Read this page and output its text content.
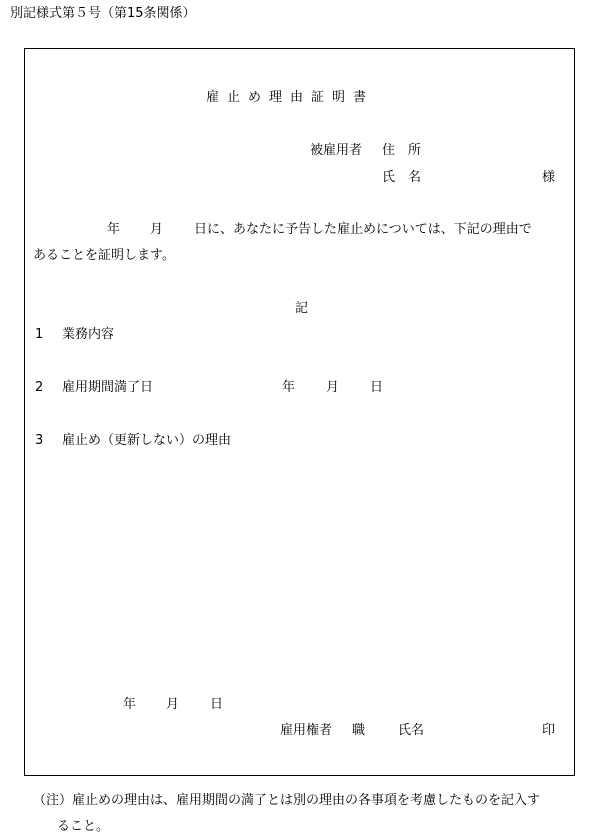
別記様式第５号（第15条関係）
雇止め理由証明書
被雇用者 住　所
氏　名	様
年 月 日に、あなたに予告した雇止めについては、下記の理由で
あることを証明します。
記
1 業務内容
2 雇用期間満了日	年 月 日
3 雇止め（更新しない）の理由
年 月 日
雇用権者 職	氏名	印
（注）雇止めの理由は、雇用期間の満了とは別の理由の各事項を考慮したものを記入す
ること。
